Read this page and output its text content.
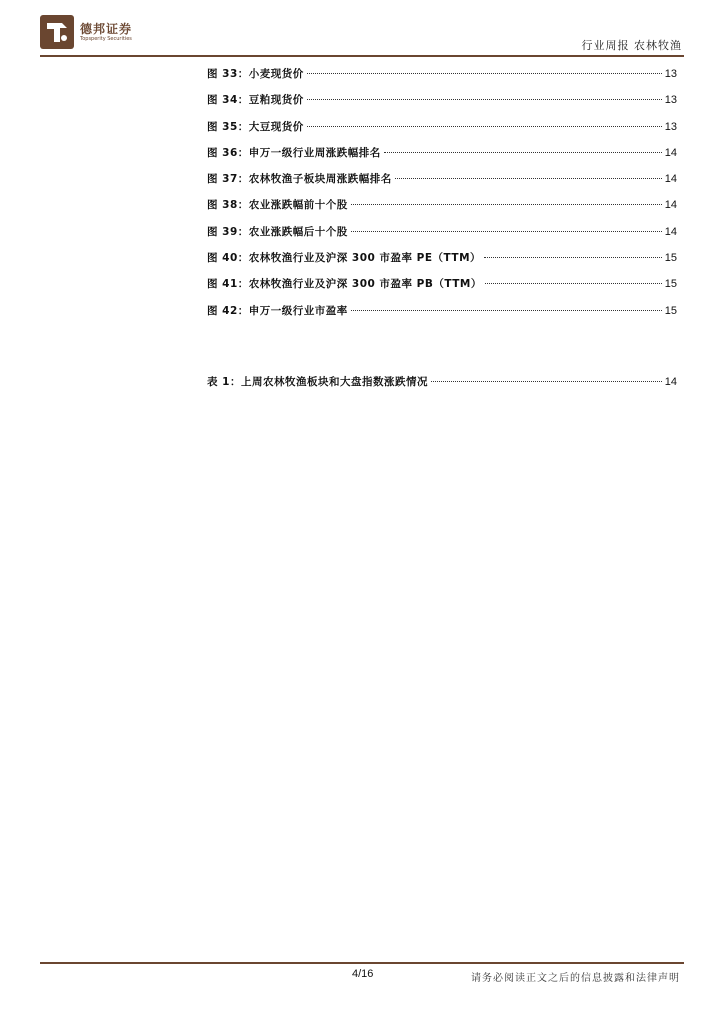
德邦证券
Topsperity Securities
行业周报 农林牧渔
图 33：小麦现货价	13
图 34：豆粕现货价	13
图 35：大豆现货价	13
图 36：申万一级行业周涨跌幅排名	14
图 37：农林牧渔子板块周涨跌幅排名	14
图 38：农业涨跌幅前十个股	14
图 39：农业涨跌幅后十个股	14
图 40：农林牧渔行业及沪深 300 市盈率 PE（TTM）	15
图 41：农林牧渔行业及沪深 300 市盈率 PB（TTM）	15
图 42：申万一级行业市盈率	15
表 1：上周农林牧渔板块和大盘指数涨跌情况	14
4/16	请务必阅读正文之后的信息披露和法律声明
